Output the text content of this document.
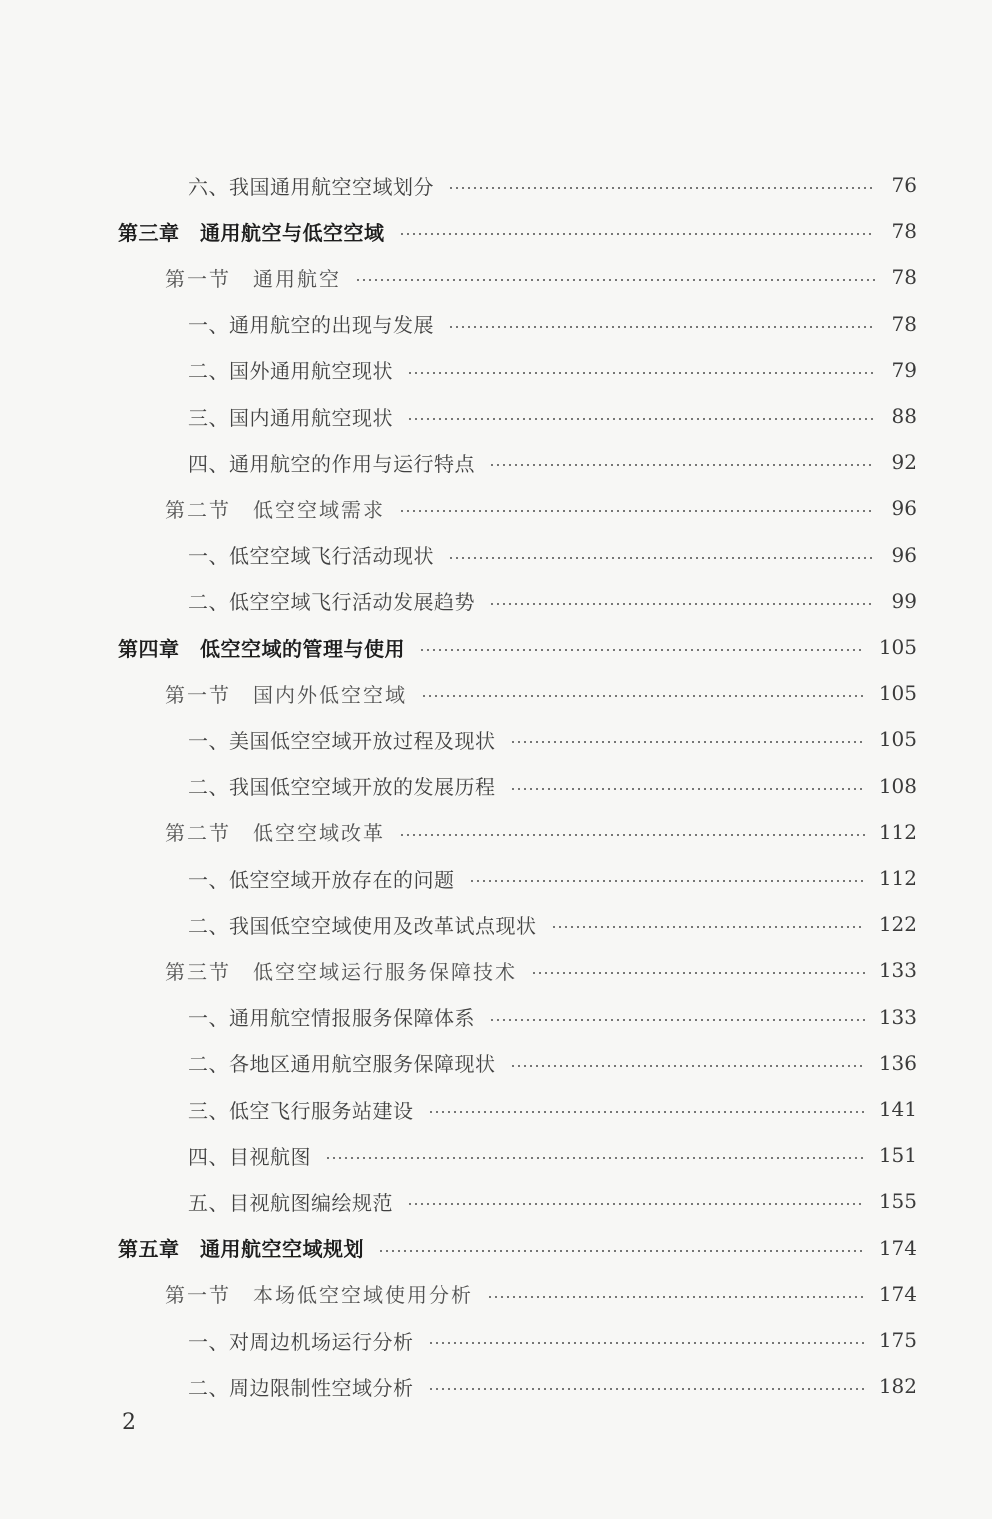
六、我国通用航空空域划分	76
第三章　通用航空与低空空域	78
第一节　通用航空	78
一、通用航空的出现与发展	78
二、国外通用航空现状	79
三、国内通用航空现状	88
四、通用航空的作用与运行特点	92
第二节　低空空域需求	96
一、低空空域飞行活动现状	96
二、低空空域飞行活动发展趋势	99
第四章　低空空域的管理与使用	105
第一节　国内外低空空域	105
一、美国低空空域开放过程及现状	105
二、我国低空空域开放的发展历程	108
第二节　低空空域改革	112
一、低空空域开放存在的问题	112
二、我国低空空域使用及改革试点现状	122
第三节　低空空域运行服务保障技术	133
一、通用航空情报服务保障体系	133
二、各地区通用航空服务保障现状	136
三、低空飞行服务站建设	141
四、目视航图	151
五、目视航图编绘规范	155
第五章　通用航空空域规划	174
第一节　本场低空空域使用分析	174
一、对周边机场运行分析	175
二、周边限制性空域分析	182
2
